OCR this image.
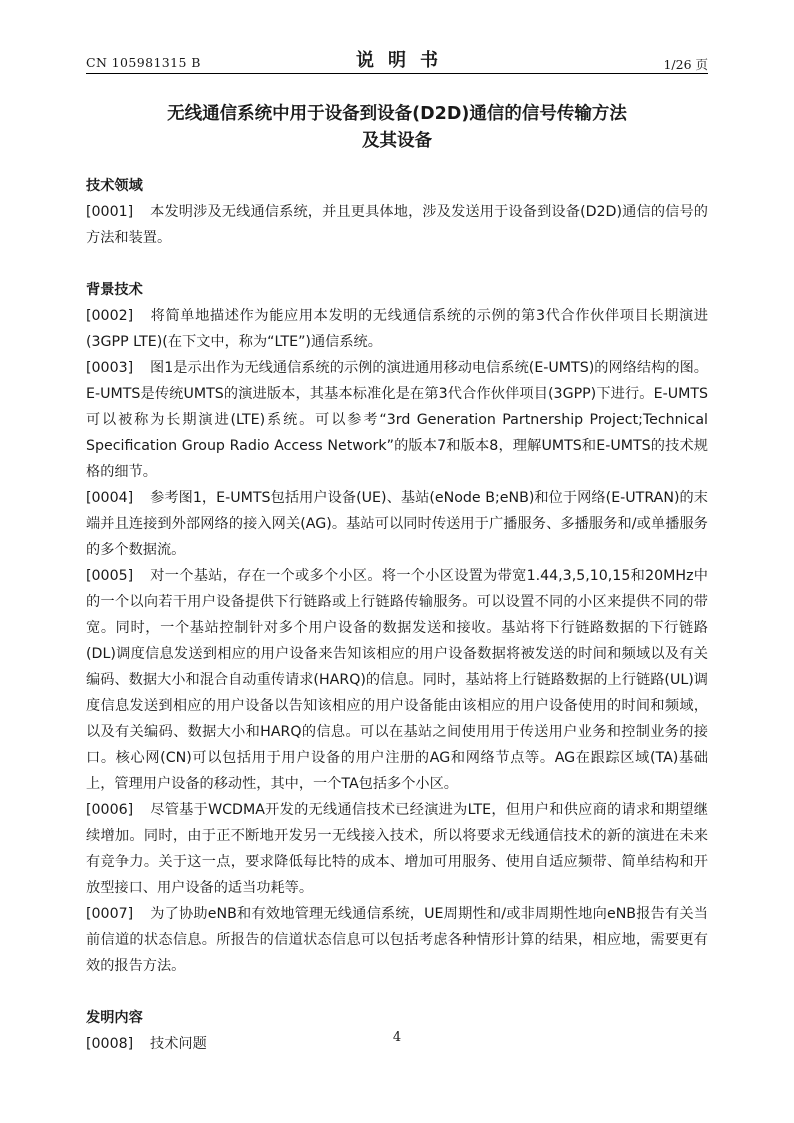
CN 105981315 B	说明书	1/26 页
无线通信系统中用于设备到设备(D2D)通信的信号传输方法
及其设备

技术领域

[0001] 本发明涉及无线通信系统，并且更具体地，涉及发送用于设备到设备(D2D)通信的信号的方法和装置。

背景技术

[0002] 将简单地描述作为能应用本发明的无线通信系统的示例的第3代合作伙伴项目长期演进(3GPP LTE)(在下文中，称为“LTE”)通信系统。

[0003] 图1是示出作为无线通信系统的示例的演进通用移动电信系统(E-UMTS)的网络结构的图。E-UMTS是传统UMTS的演进版本，其基本标准化是在第3代合作伙伴项目(3GPP)下进行。E-UMTS可以被称为长期演进(LTE)系统。可以参考“3rd Generation Partnership Project;Technical Specification Group Radio Access Network”的版本7和版本8，理解UMTS和E-UMTS的技术规格的细节。

[0004] 参考图1，E-UMTS包括用户设备(UE)、基站(eNode B;eNB)和位于网络(E-UTRAN)的末端并且连接到外部网络的接入网关(AG)。基站可以同时传送用于广播服务、多播服务和/或单播服务的多个数据流。

[0005] 对一个基站，存在一个或多个小区。将一个小区设置为带宽1.44,3,5,10,15和20MHz中的一个以向若干用户设备提供下行链路或上行链路传输服务。可以设置不同的小区来提供不同的带宽。同时，一个基站控制针对多个用户设备的数据发送和接收。基站将下行链路数据的下行链路(DL)调度信息发送到相应的用户设备来告知该相应的用户设备数据将被发送的时间和频域以及有关编码、数据大小和混合自动重传请求(HARQ)的信息。同时，基站将上行链路数据的上行链路(UL)调度信息发送到相应的用户设备以告知该相应的用户设备能由该相应的用户设备使用的时间和频域，以及有关编码、数据大小和HARQ的信息。可以在基站之间使用用于传送用户业务和控制业务的接口。核心网(CN)可以包括用于用户设备的用户注册的AG和网络节点等。AG在跟踪区域(TA)基础上，管理用户设备的移动性，其中，一个TA包括多个小区。

[0006] 尽管基于WCDMA开发的无线通信技术已经演进为LTE，但用户和供应商的请求和期望继续增加。同时，由于正不断地开发另一无线接入技术，所以将要求无线通信技术的新的演进在未来有竞争力。关于这一点，要求降低每比特的成本、增加可用服务、使用自适应频带、简单结构和开放型接口、用户设备的适当功耗等。

[0007] 为了协助eNB和有效地管理无线通信系统，UE周期性和/或非周期性地向eNB报告有关当前信道的状态信息。所报告的信道状态信息可以包括考虑各种情形计算的结果，相应地，需要更有效的报告方法。

发明内容

[0008] 技术问题	4
